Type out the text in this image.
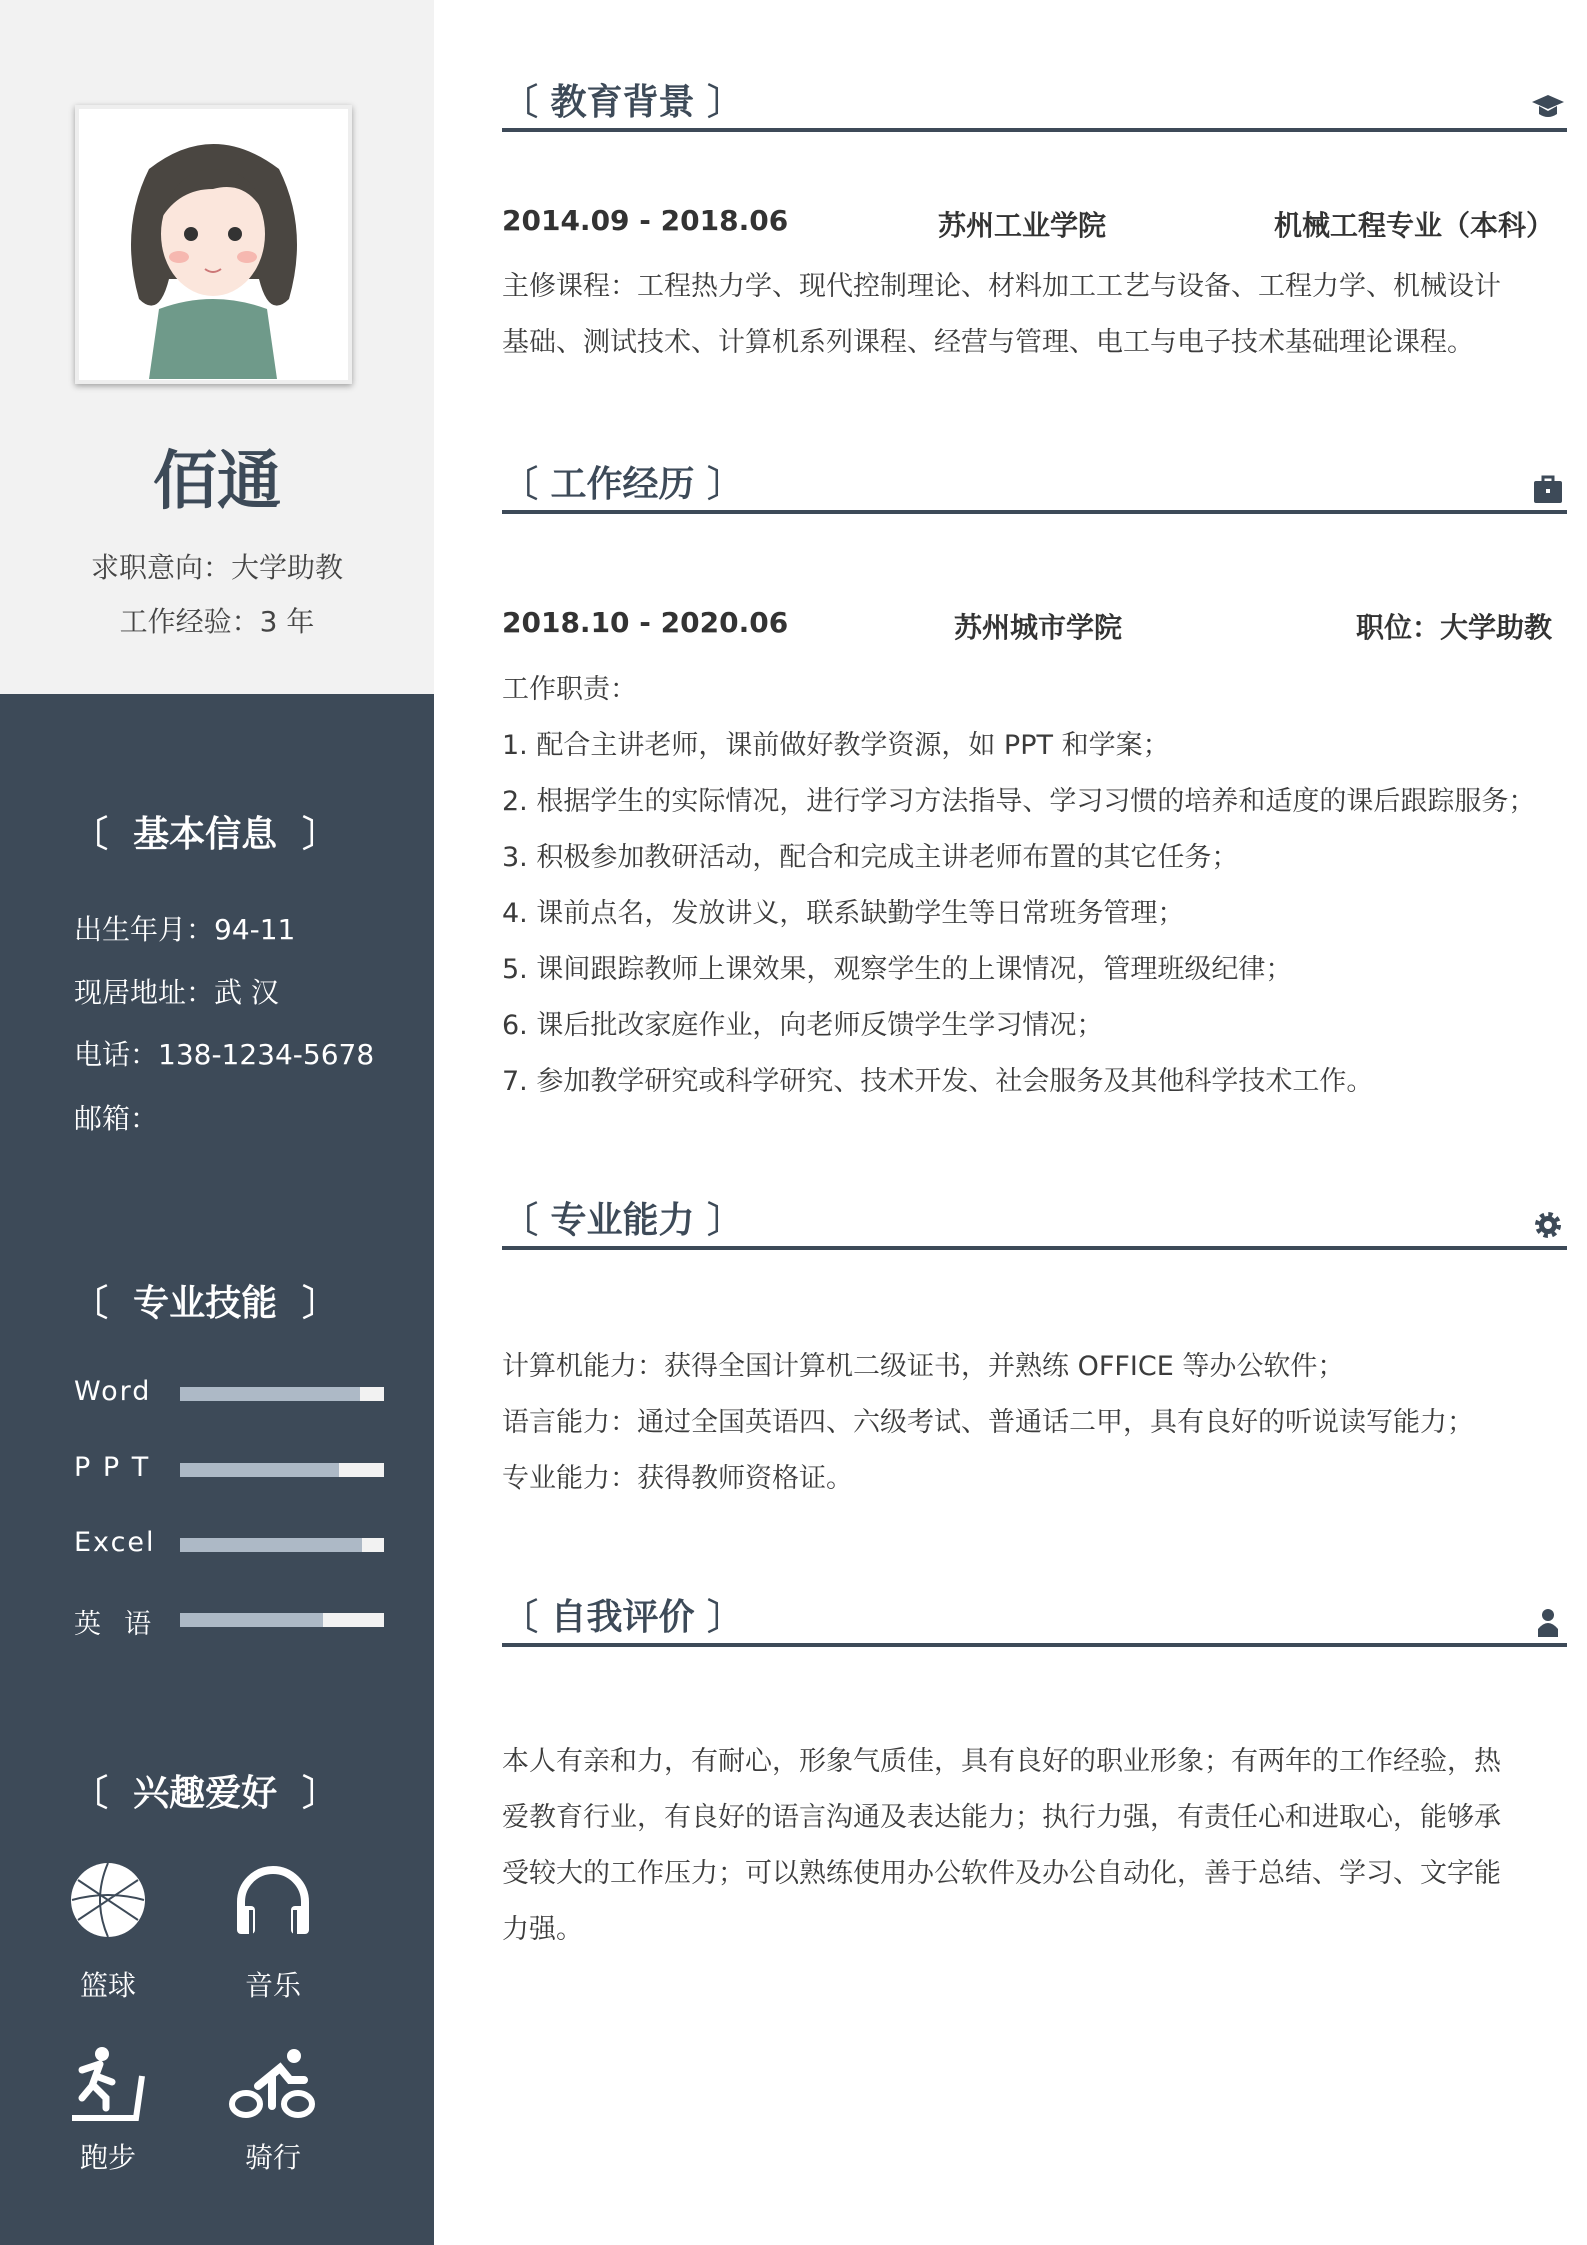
佰通
求职意向：大学助教
工作经验：3 年
〔  基本信息  〕
出生年月：94-11
现居地址：武 汉
电话：138-1234-5678
邮箱：
〔  专业技能  〕
Word
P P T
Excel
英  语
〔  兴趣爱好  〕
篮球	音乐
跑步	骑行
〔 教育背景 〕
2014.09 - 2018.06	苏州工业学院	机械工程专业（本科）
主修课程：工程热力学、现代控制理论、材料加工工艺与设备、工程力学、机械设计
基础、测试技术、计算机系列课程、经营与管理、电工与电子技术基础理论课程。
〔 工作经历 〕
2018.10 - 2020.06	苏州城市学院	职位：大学助教
工作职责：
1. 配合主讲老师，课前做好教学资源，如 PPT 和学案；
2. 根据学生的实际情况，进行学习方法指导、学习习惯的培养和适度的课后跟踪服务；
3. 积极参加教研活动，配合和完成主讲老师布置的其它任务；
4. 课前点名，发放讲义，联系缺勤学生等日常班务管理；
5. 课间跟踪教师上课效果，观察学生的上课情况，管理班级纪律；
6. 课后批改家庭作业，向老师反馈学生学习情况；
7. 参加教学研究或科学研究、技术开发、社会服务及其他科学技术工作。
〔 专业能力 〕
计算机能力：获得全国计算机二级证书，并熟练 OFFICE 等办公软件；
语言能力：通过全国英语四、六级考试、普通话二甲，具有良好的听说读写能力；
专业能力：获得教师资格证。
〔 自我评价 〕
本人有亲和力，有耐心，形象气质佳，具有良好的职业形象；有两年的工作经验，热
爱教育行业，有良好的语言沟通及表达能力；执行力强，有责任心和进取心，能够承
受较大的工作压力；可以熟练使用办公软件及办公自动化，善于总结、学习、文字能
力强。
